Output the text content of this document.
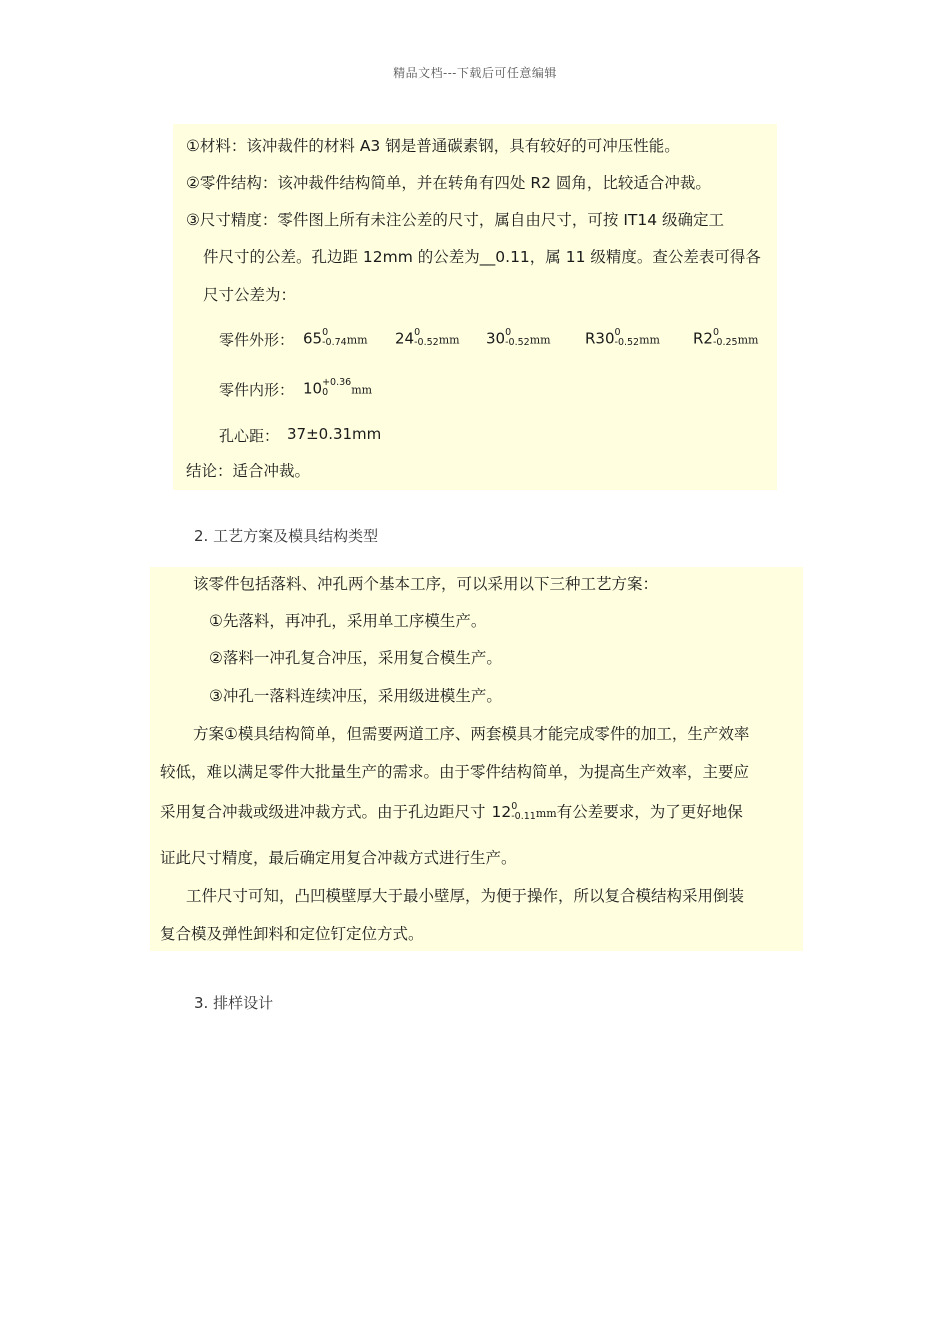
精品文档---下载后可任意编辑
①材料：该冲裁件的材料 A3 钢是普通碳素钢，具有较好的可冲压性能。
②零件结构：该冲裁件结构简单，并在转角有四处 R2 圆角，比较适合冲裁。
③尺寸精度：零件图上所有未注公差的尺寸，属自由尺寸，可按 IT14 级确定工
件尺寸的公差。孔边距 12mm 的公差为__0.11，属 11 级精度。查公差表可得各
尺寸公差为：
零件外形： 65 0
-0.74 mm 24 0
-0.52 mm 30 0
-0.52 mm R30 0
-0.52 mm R2 0
-0.25 mm
零件内形： 10 +0.36
0	mm
孔心距： 37±0.31mm
结论：适合冲裁。
2. 工艺方案及模具结构类型
该零件包括落料、冲孔两个基本工序，可以采用以下三种工艺方案：
①先落料，再冲孔，采用单工序模生产。
②落料一冲孔复合冲压，采用复合模生产。
③冲孔一落料连续冲压，采用级进模生产。
方案①模具结构简单，但需要两道工序、两套模具才能完成零件的加工，生产效率
较低，难以满足零件大批量生产的需求。由于零件结构简单，为提高生产效率，主要应
采用复合冲裁或级进冲裁方式。由于孔边距尺寸 12 0
-0.11 mm有公差要求，为了更好地保
证此尺寸精度，最后确定用复合冲裁方式进行生产。
工件尺寸可知，凸凹模壁厚大于最小壁厚，为便于操作，所以复合模结构采用倒装
复合模及弹性卸料和定位钉定位方式。
3. 排样设计
